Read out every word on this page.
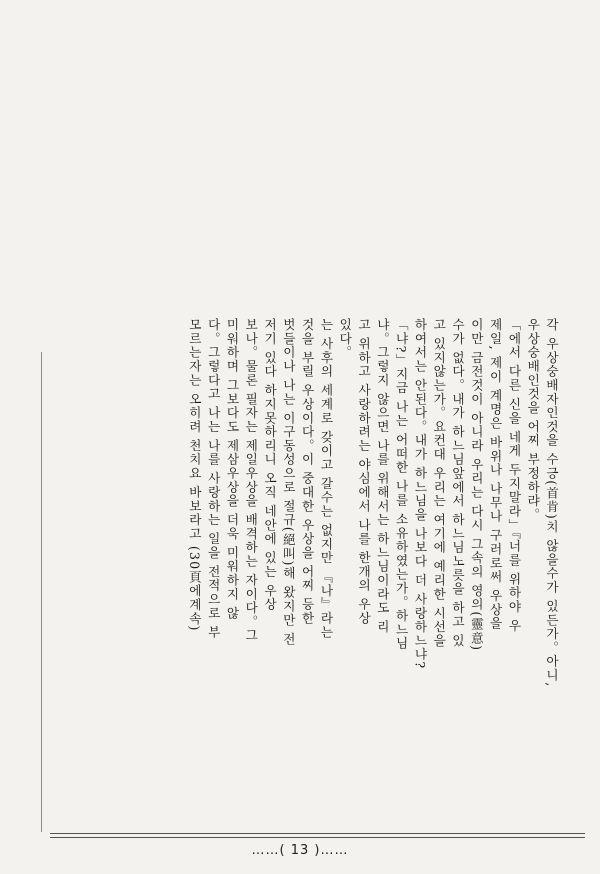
각 우상숭배자인것을 수긍(首肯)치 않을수가 있든가。아니,
우상숭배인것을 어찌 부정하랴。
「에서 다른 신을 네게 두지말라」『너를 위하야 우
제일, 제이 계명은 바위나 나무나 구러로써 우상을
이만 금전것이 아니라 우리는 다시 그속의 영의(靈意)
수가 없다。내가 하느님앞에서 하느님노릇을 하고 있
고 있지않는가。요컨대 우리는 여기에 예리한 시선을
하여서는 안된다。내가 하느님을 나보다 더 사랑하느냐?
「냐?」지금 나는 어떠한 나를 소유하였는가。하느님
냐。그렇지 않으면 나를 위해서는 하느님이라도 리
고 위하고 사랑하려는 야심에서 나를 한개의 우상
있다。
는 사후의 세계로 갖이고 갈수는 없지만 『나』라는
것을 부릴 우상이다。이 중대한 우상을 어찌 등한
벗들이나 나는 이구동성으로 절규(絕叫)해 왔지만 전
저기 있다 하지못하리니 오직 네안에 있는 우상
보나。물론 필자는 제일우상을 배격하는 자이다。그
미워하며 그보다도 제삼우상을 더욱 미워하지 않
다。그렇다고 나는 나를 사랑하는 일을 전적으로 부
모르는자는 오히려 천치요 바보라고 (30頁에계속)
……( 13 )……
